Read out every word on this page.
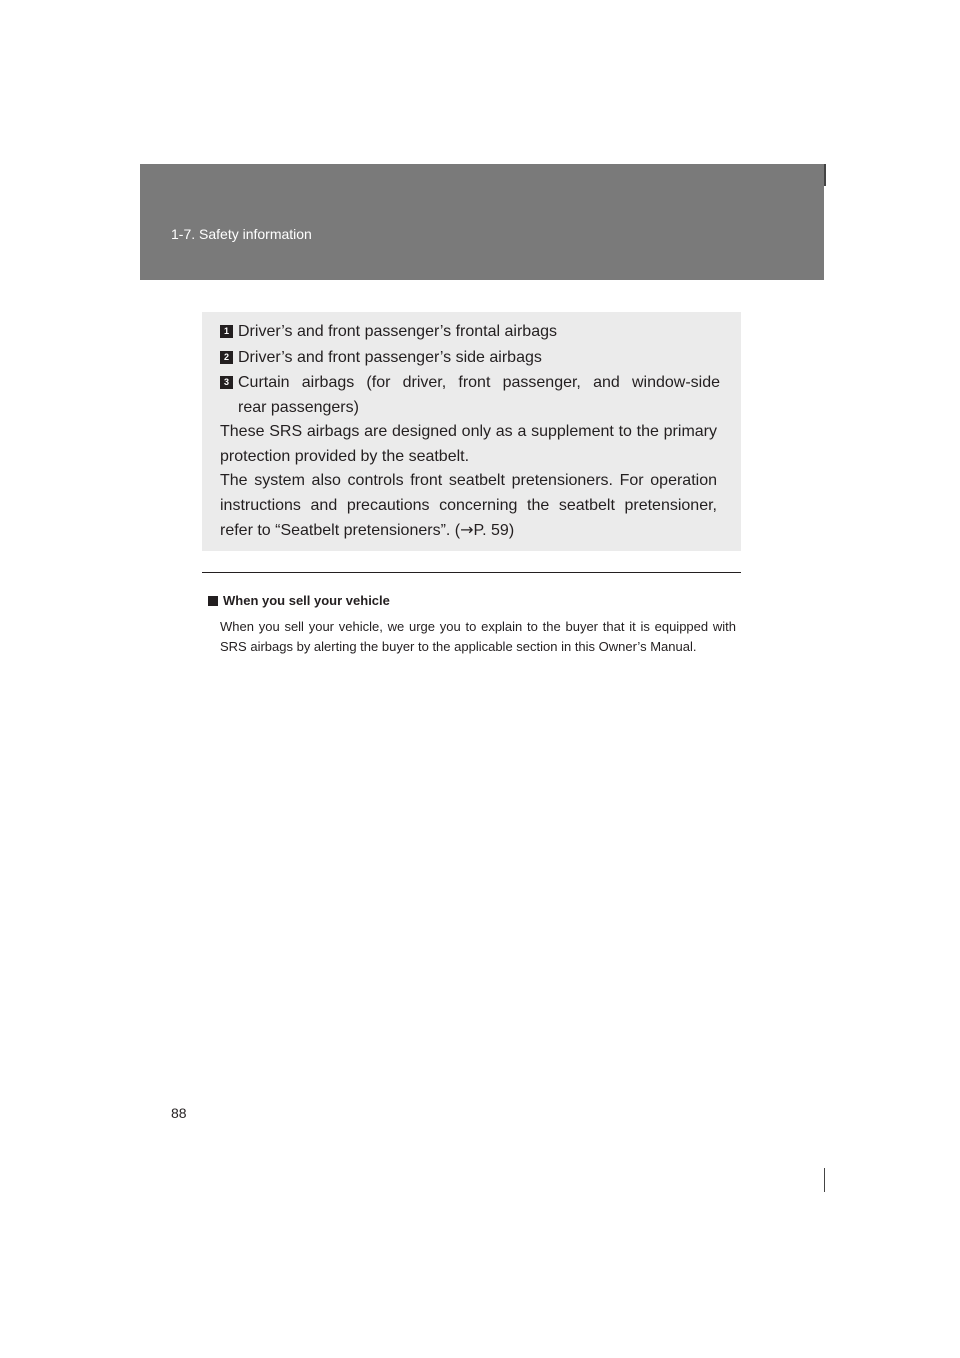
1-7. Safety information
1 Driver’s and front passenger’s frontal airbags
2 Driver’s and front passenger’s side airbags
3 Curtain airbags (for driver, front passenger, and window-side
rear passengers)
These SRS airbags are designed only as a supplement to the primary protection provided by the seatbelt.
The system also controls front seatbelt pretensioners. For operation instructions and precautions concerning the seatbelt pretensioner, refer to “Seatbelt pretensioners”. (→P. 59)
When you sell your vehicle
When you sell your vehicle, we urge you to explain to the buyer that it is equipped with SRS airbags by alerting the buyer to the applicable section in this Owner’s Manual.
88
